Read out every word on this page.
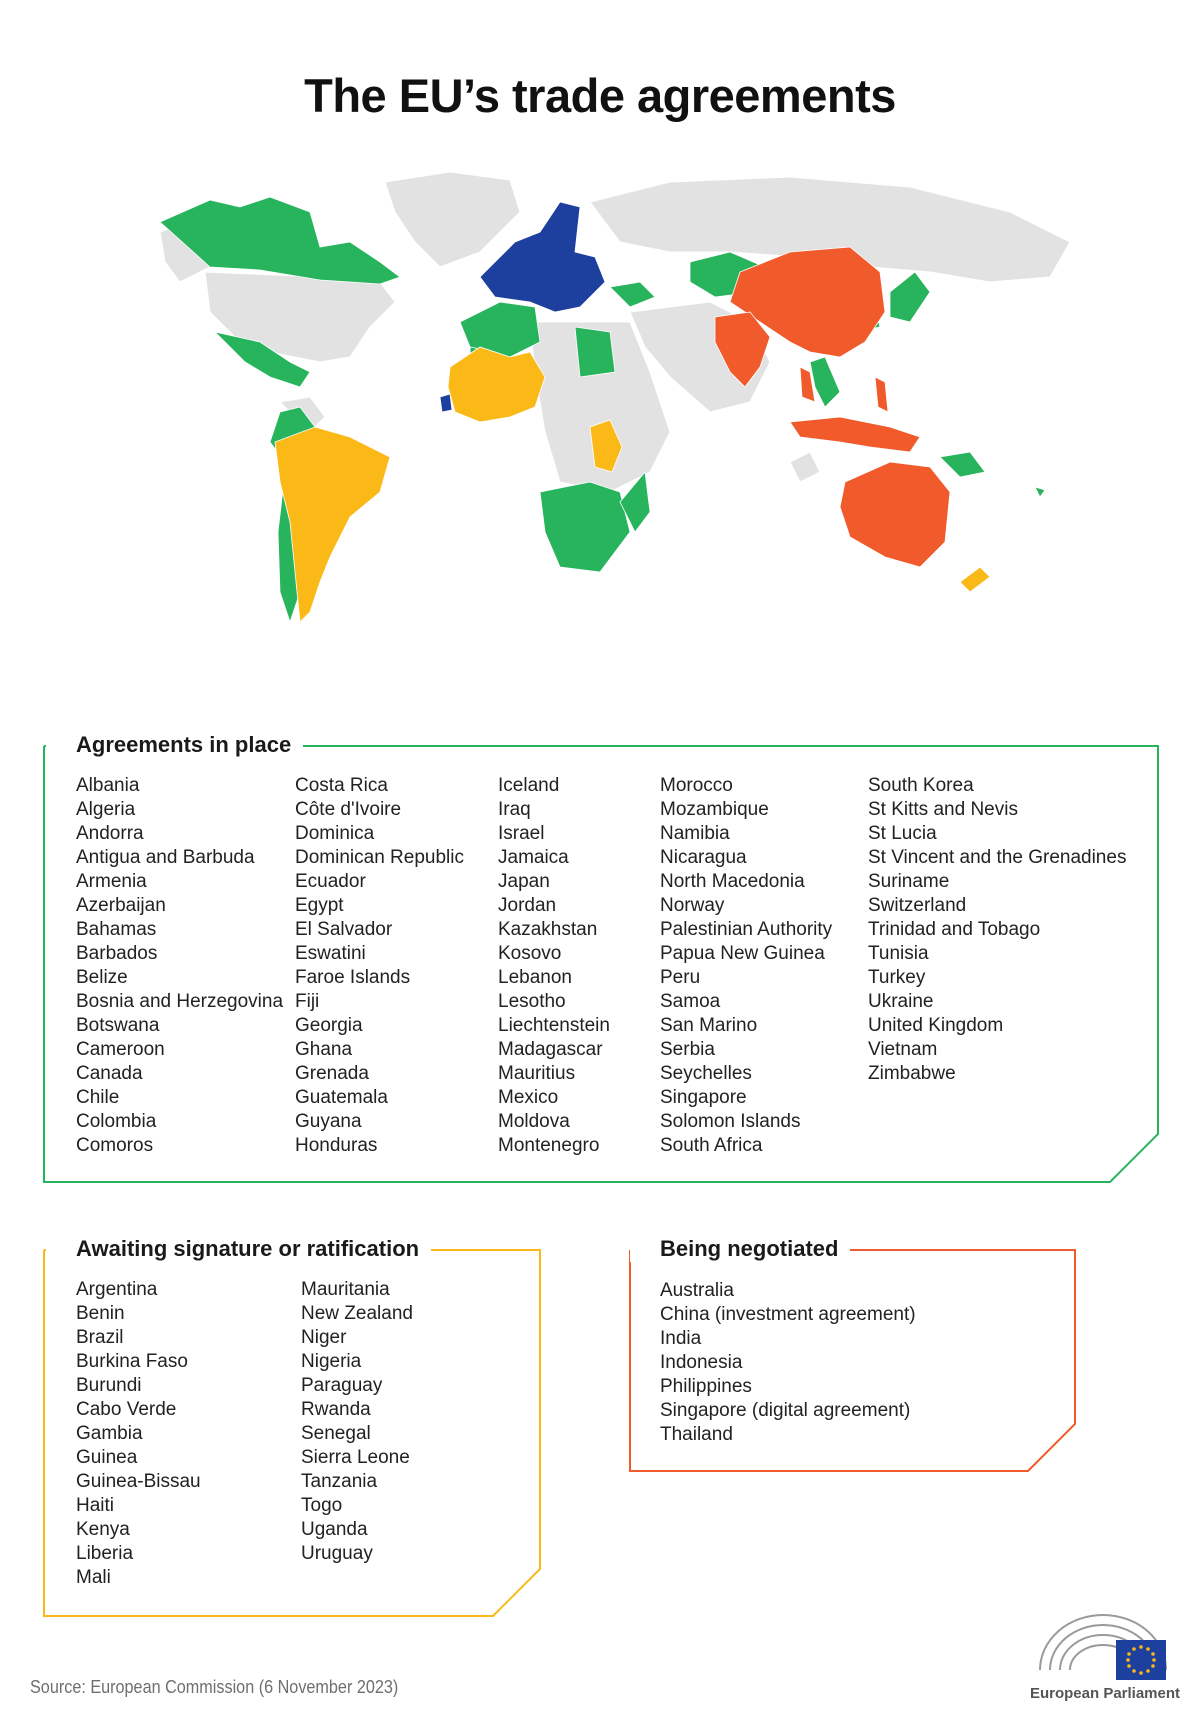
The EU’s trade agreements
Agreements in place
Albania
Algeria
Andorra
Antigua and Barbuda
Armenia
Azerbaijan
Bahamas
Barbados
Belize
Bosnia and Herzegovina
Botswana
Cameroon
Canada
Chile
Colombia
Comoros
Costa Rica
Côte d'Ivoire
Dominica
Dominican Republic
Ecuador
Egypt
El Salvador
Eswatini
Faroe Islands
Fiji
Georgia
Ghana
Grenada
Guatemala
Guyana
Honduras
Iceland
Iraq
Israel
Jamaica
Japan
Jordan
Kazakhstan
Kosovo
Lebanon
Lesotho
Liechtenstein
Madagascar
Mauritius
Mexico
Moldova
Montenegro
Morocco
Mozambique
Namibia
Nicaragua
North Macedonia
Norway
Palestinian Authority
Papua New Guinea
Peru
Samoa
San Marino
Serbia
Seychelles
Singapore
Solomon Islands
South Africa
South Korea
St Kitts and Nevis
St Lucia
St Vincent and the Grenadines
Suriname
Switzerland
Trinidad and Tobago
Tunisia
Turkey
Ukraine
United Kingdom
Vietnam
Zimbabwe
Awaiting signature or ratification
Argentina
Benin
Brazil
Burkina Faso
Burundi
Cabo Verde
Gambia
Guinea
Guinea-Bissau
Haiti
Kenya
Liberia
Mali
Mauritania
New Zealand
Niger
Nigeria
Paraguay
Rwanda
Senegal
Sierra Leone
Tanzania
Togo
Uganda
Uruguay
Being negotiated
Australia
China (investment agreement)
India
Indonesia
Philippines
Singapore (digital agreement)
Thailand
Source: European Commission (6 November 2023)	European Parliament
